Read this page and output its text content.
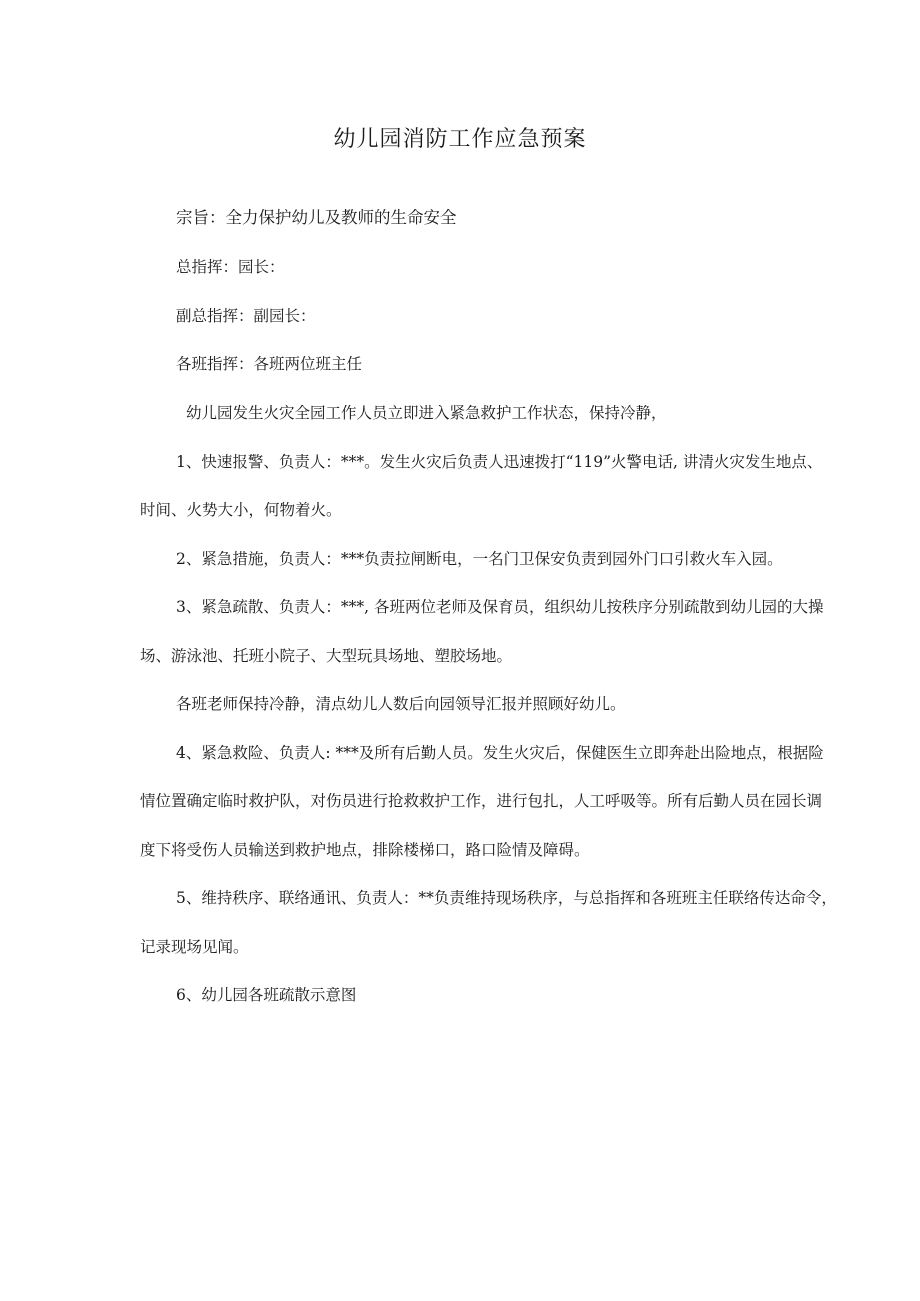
幼儿园消防工作应急预案

宗旨：全力保护幼儿及教师的生命安全

总指挥：园长：

副总指挥：副园长：

各班指挥：各班两位班主任

幼儿园发生火灾全园工作人员立即进入紧急救护工作状态，保持冷静，

1、快速报警、负责人：***。发生火灾后负责人迅速拨打“119”火警电话, 讲清火灾发生地点、

时间、火势大小，何物着火。

2、紧急措施，负责人：***负责拉闸断电，一名门卫保安负责到园外门口引救火车入园。

3、紧急疏散、负责人：***, 各班两位老师及保育员，组织幼儿按秩序分别疏散到幼儿园的大操

场、游泳池、托班小院子、大型玩具场地、塑胶场地。

各班老师保持冷静，清点幼儿人数后向园领导汇报并照顾好幼儿。

4、紧急救险、负责人: ***及所有后勤人员。发生火灾后，保健医生立即奔赴出险地点，根据险

情位置确定临时救护队，对伤员进行抢救救护工作，进行包扎，人工呼吸等。所有后勤人员在园长调

度下将受伤人员输送到救护地点，排除楼梯口，路口险情及障碍。

5、维持秩序、联络通讯、负责人：**负责维持现场秩序，与总指挥和各班班主任联络传达命令，

记录现场见闻。

6、幼儿园各班疏散示意图
